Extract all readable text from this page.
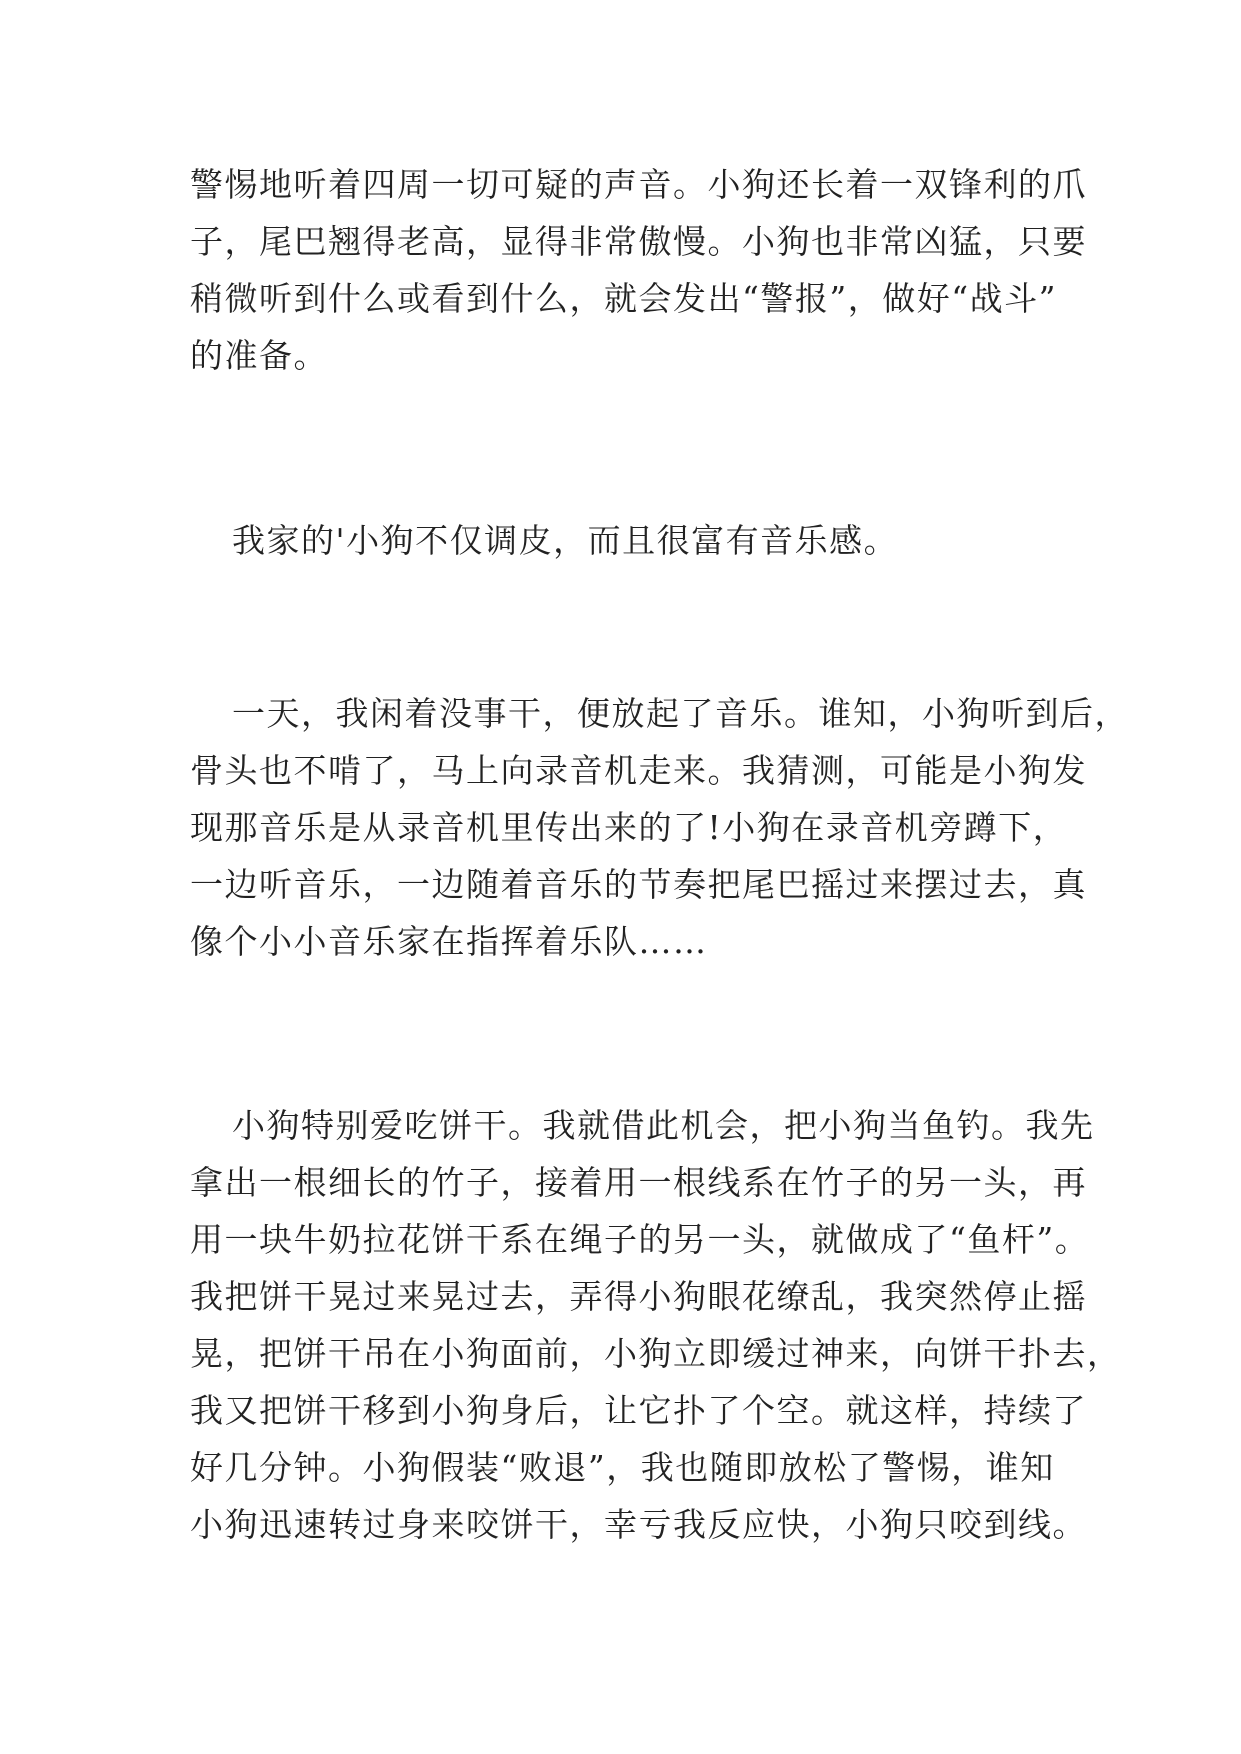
警惕地听着四周一切可疑的声音。小狗还长着一双锋利的爪
子，尾巴翘得老高，显得非常傲慢。小狗也非常凶猛，只要
稍微听到什么或看到什么，就会发出“警报”，做好“战斗”
的准备。

我家的'小狗不仅调皮，而且很富有音乐感。

一天，我闲着没事干，便放起了音乐。谁知，小狗听到后，
骨头也不啃了，马上向录音机走来。我猜测，可能是小狗发
现那音乐是从录音机里传出来的了!小狗在录音机旁蹲下，
一边听音乐，一边随着音乐的节奏把尾巴摇过来摆过去，真
像个小小音乐家在指挥着乐队……

小狗特别爱吃饼干。我就借此机会，把小狗当鱼钓。我先
拿出一根细长的竹子，接着用一根线系在竹子的另一头，再
用一块牛奶拉花饼干系在绳子的另一头，就做成了“鱼杆”。
我把饼干晃过来晃过去，弄得小狗眼花缭乱，我突然停止摇
晃，把饼干吊在小狗面前，小狗立即缓过神来，向饼干扑去，
我又把饼干移到小狗身后，让它扑了个空。就这样，持续了
好几分钟。小狗假装“败退”，我也随即放松了警惕，谁知
小狗迅速转过身来咬饼干，幸亏我反应快，小狗只咬到线。
